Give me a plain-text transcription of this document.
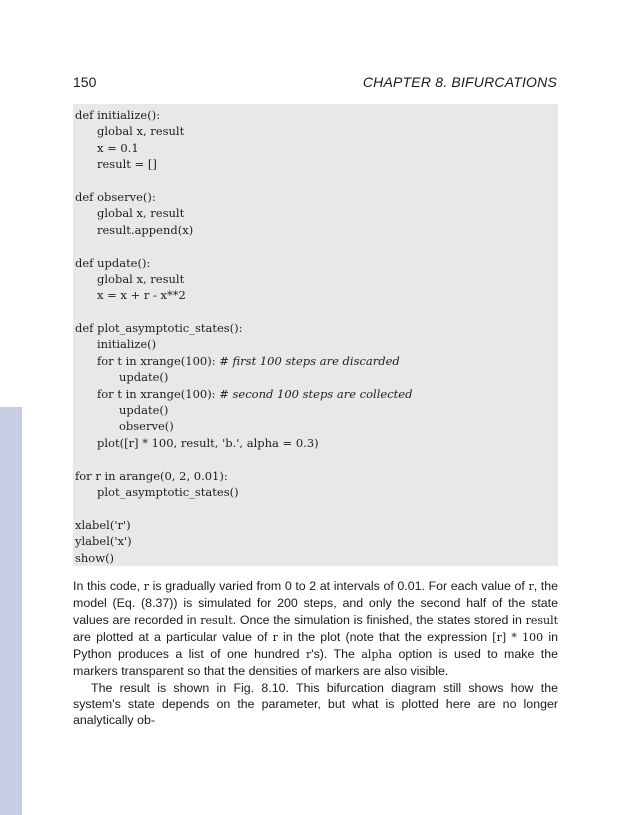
150	CHAPTER 8. BIFURCATIONS
def initialize():
global x, result
x = 0.1
result = []
def observe():
global x, result
result.append(x)
def update():
global x, result
x = x + r - x**2
def plot_asymptotic_states():
initialize()
for t in xrange(100): # first 100 steps are discarded
update()
for t in xrange(100): # second 100 steps are collected
update()
observe()
plot([r] * 100, result, 'b.', alpha = 0.3)
for r in arange(0, 2, 0.01):
plot_asymptotic_states()
xlabel('r')
ylabel('x')
show()

In this code, r is gradually varied from 0 to 2 at intervals of 0.01. For each value of r, the model (Eq. (8.37)) is simulated for 200 steps, and only the second half of the state values are recorded in result. Once the simulation is finished, the states stored in result are plotted at a particular value of r in the plot (note that the expression [r] * 100 in Python produces a list of one hundred r's). The alpha option is used to make the markers transparent so that the densities of markers are also visible.

The result is shown in Fig. 8.10. This bifurcation diagram still shows how the system's state depends on the parameter, but what is plotted here are no longer analytically ob-
